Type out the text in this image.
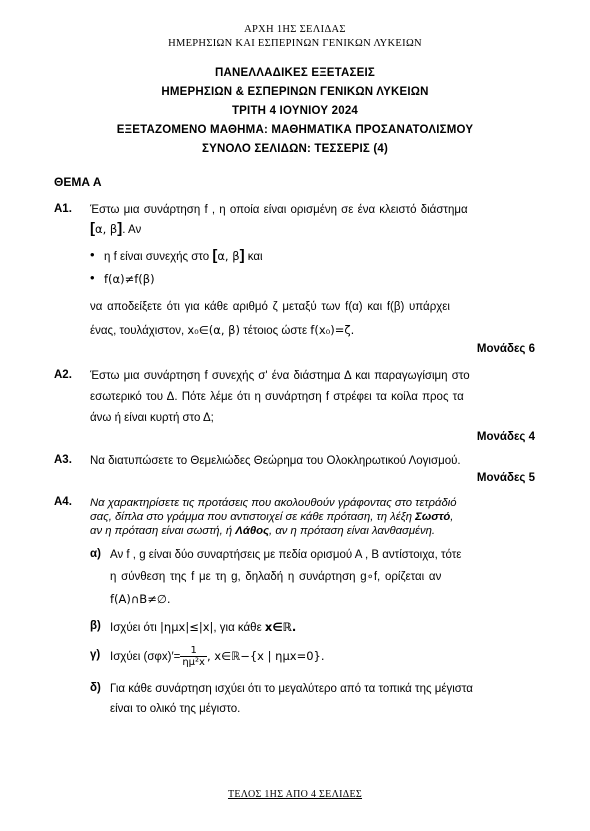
ΑΡΧΗ 1ΗΣ ΣΕΛΙΔΑΣ
ΗΜΕΡΗΣΙΩΝ ΚΑΙ ΕΣΠΕΡΙΝΩΝ ΓΕΝΙΚΩΝ ΛΥΚΕΙΩΝ
ΠΑΝΕΛΛΑΔΙΚΕΣ ΕΞΕΤΑΣΕΙΣ
ΗΜΕΡΗΣΙΩΝ & ΕΣΠΕΡΙΝΩΝ ΓΕΝΙΚΩΝ ΛΥΚΕΙΩΝ
ΤΡΙΤΗ 4 ΙΟΥΝΙΟΥ 2024
ΕΞΕΤΑΖΟΜΕΝΟ ΜΑΘΗΜΑ: ΜΑΘΗΜΑΤΙΚΑ ΠΡΟΣΑΝΑΤΟΛΙΣΜΟΥ
ΣΥΝΟΛΟ ΣΕΛΙΔΩΝ: ΤΕΣΣΕΡΙΣ (4)
ΘΕΜΑ Α
Α1. Έστω μια συνάρτηση f , η οποία είναι ορισμένη σε ένα κλειστό διάστημα
[α, β]. Αν
• η f είναι συνεχής στο [α, β] και
• f(α)≠f(β)
να αποδείξετε ότι για κάθε αριθμό ζ μεταξύ των f(α) και f(β) υπάρχει
ένας, τουλάχιστον, x₀∈(α, β) τέτοιος ώστε f(x₀)=ζ.
Μονάδες 6
Α2. Έστω μια συνάρτηση f συνεχής σ' ένα διάστημα Δ και παραγωγίσιμη στο
εσωτερικό του Δ. Πότε λέμε ότι η συνάρτηση f στρέφει τα κοίλα προς τα
άνω ή είναι κυρτή στο Δ;
Μονάδες 4
Α3. Να διατυπώσετε το Θεμελιώδες Θεώρημα του Ολοκληρωτικού Λογισμού.
Μονάδες 5
Α4. Να χαρακτηρίσετε τις προτάσεις που ακολουθούν γράφοντας στο τετράδιό
σας, δίπλα στο γράμμα που αντιστοιχεί σε κάθε πρόταση, τη λέξη Σωστό,
αν η πρόταση είναι σωστή, ή Λάθος, αν η πρόταση είναι λανθασμένη.
α) Αν f , g είναι δύο συναρτήσεις με πεδία ορισμού Α , Β αντίστοιχα, τότε
η σύνθεση της f με τη g, δηλαδή η συνάρτηση g∘f, ορίζεται αν
f(A)∩B≠∅.
β) Ισχύει ότι |ημx|≤|x|, για κάθε x∈ℝ.
γ) Ισχύει $(\sigma\varphi x)'= \frac{1}{\text{ημ²x}}$ , x∈ℝ−{x | ημx=0}.
δ) Για κάθε συνάρτηση ισχύει ότι το μεγαλύτερο από τα τοπικά της μέγιστα
είναι το ολικό της μέγιστο.
ΤΕΛΟΣ 1ΗΣ ΑΠΟ 4 ΣΕΛΙΔΕΣ
